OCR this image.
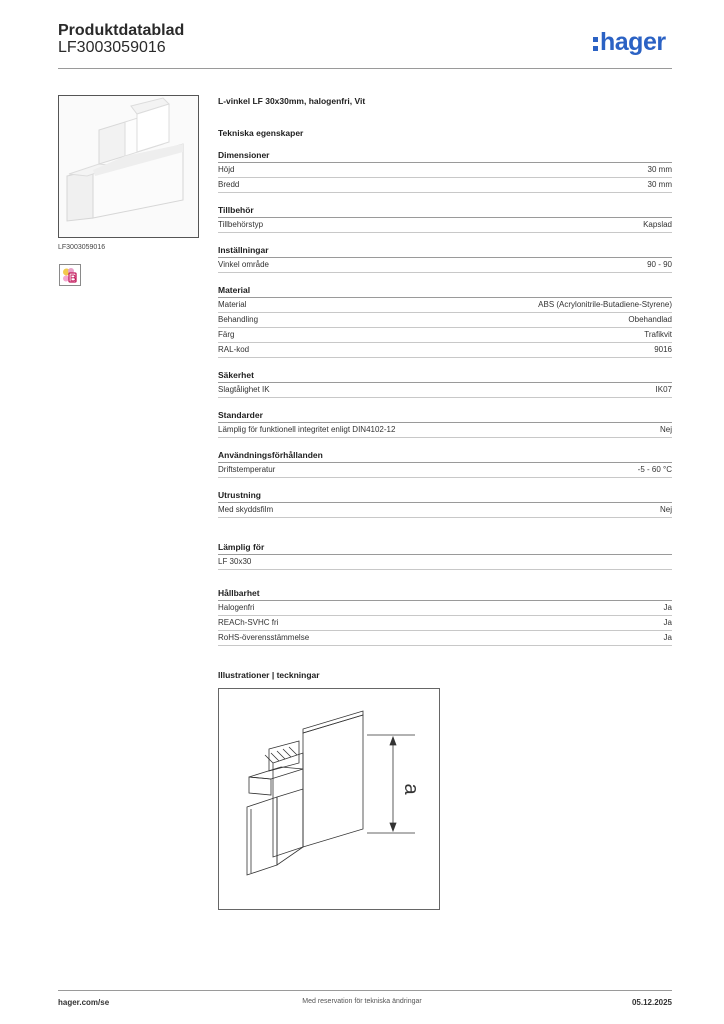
Produktdatablad
LF3003059016	hager
LF3003059016
L-vinkel LF 30x30mm, halogenfri, Vit
Tekniska egenskaper
Dimensioner
Höjd	30 mm
Bredd	30 mm
Tillbehör
Tillbehörstyp	Kapslad
Inställningar
Vinkel område	90 - 90
Material
Material	ABS (Acrylonitrile-Butadiene-Styrene)
Behandling	Obehandlad
Färg	Trafikvit
RAL-kod	9016
Säkerhet
Slagtålighet IK	IK07
Standarder
Lämplig för funktionell integritet enligt DIN4102-12	Nej
Användningsförhållanden
Driftstemperatur	-5 - 60 °C
Utrustning
Med skyddsfilm	Nej
Lämplig för
LF 30x30
Hållbarhet
Halogenfri	Ja
REACh-SVHC fri	Ja
RoHS-överensstämmelse	Ja
Illustrationer | teckningar
a
hager.com/se	Med reservation för tekniska ändringar	05.12.2025
